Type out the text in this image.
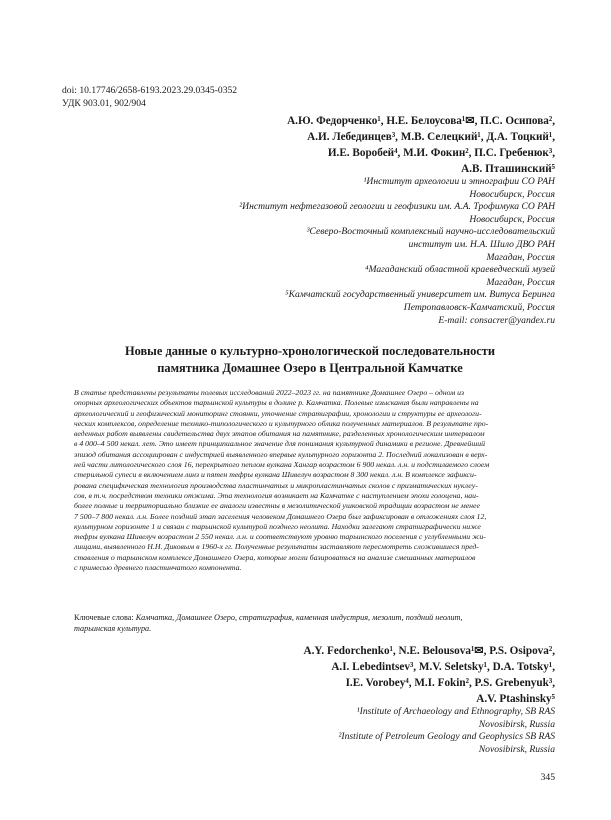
doi: 10.17746/2658-6193.2023.29.0345-0352
УДК 903.01, 902/904
А.Ю. Федорченко¹, Н.Е. Белоусова¹✉, П.С. Осипова²,
А.И. Лебединцев³, М.В. Селецкий¹, Д.А. Тоцкий¹,
И.Е. Воробей⁴, М.И. Фокин², П.С. Гребенюк³,
А.В. Пташинский⁵
¹Институт археологии и этнографии СО РАН
Новосибирск, Россия
²Институт нефтегазовой геологии и геофизики им. А.А. Трофимука СО РАН
Новосибирск, Россия
³Северо-Восточный комплексный научно-исследовательский
институт им. Н.А. Шило ДВО РАН
Магадан, Россия
⁴Магаданский областной краеведческий музей
Магадан, Россия
⁵Камчатский государственный университет им. Витуса Беринга
Петропавловск-Камчатский, Россия
E-mail: consacrer@yandex.ru
Новые данные о культурно-хронологической последовательности
памятника Домашнее Озеро в Центральной Камчатке
В статье представлены результаты полевых исследований 2022–2023 гг. на памятнике Домашнее Озеро – одном из
опорных археологических объектов тарьинской культуры в долине р. Камчатка. Полевые изыскания были направлены на
археологический и геофизический мониторинг стоянки, уточнение стратиграфии, хронологии и структуры ее археологи-
ческих комплексов, определение технико-типологического и культурного облика полученных материалов. В результате про-
веденных работ выявлены свидетельства двух этапов обитания на памятнике, разделенных хронологическим интервалом
в 4 000–4 500 некал. лет. Это имеет принципиальное значение для понимания культурной динамики в регионе. Древнейший
эпизод обитания ассоциирован с индустрией выявленного впервые культурного горизонта 2. Последний локализован в верх-
ней части литологического слоя 16, перекрытого пеплом вулкана Хангар возрастом 6 900 некал. л.н. и подстилаемого слоем
стерильной супеси в включением линз и пятен тефры вулкана Шивелуч возрастом 8 300 некал. л.н. В комплексе зафикси-
рована специфическая технология производства пластинчатых и микропластинчатых сколов с призматических нуклеу-
сов, в т.ч. посредством техники отжима. Эта технология возникает на Камчатке с наступлением эпохи голоцена, наи-
более полные и территориально близкие ее аналоги известны в мезолитической ушковской традиции возрастом не менее
7 500–7 800 некал. л.н. Более поздний этап заселения человеком Домашнего Озера был зафиксирован в отложениях слоя 12,
культурном горизонте 1 и связан с тарьинской культурой позднего неолита. Находки залегают стратиграфически ниже
тефры вулкана Шивелуч возрастом 2 550 некал. л.н. и соответствуют уровню тарьинского поселения с углубленными жи-
лищами, выявленного Н.Н. Диковым в 1960-х гг. Полученные результаты заставляют пересмотреть сложившиеся пред-
ставления о тарьинском комплексе Домашнего Озера, которые могли базироваться на анализе смешанных материалов
с примесью древнего пластинчатого компонента.
Ключевые слова: Камчатка, Домашнее Озеро, стратиграфия, каменная индустрия, мезолит, поздний неолит,
тарьинская культура.
A.Y. Fedorchenko¹, N.E. Belousova¹✉, P.S. Osipova²,
A.I. Lebedintsev³, M.V. Seletsky¹, D.A. Totsky¹,
I.E. Vorobey⁴, M.I. Fokin², P.S. Grebenyuk³,
A.V. Ptashinsky⁵
¹Institute of Archaeology and Ethnography, SB RAS
Novosibirsk, Russia
²Institute of Petroleum Geology and Geophysics SB RAS
Novosibirsk, Russia
345
